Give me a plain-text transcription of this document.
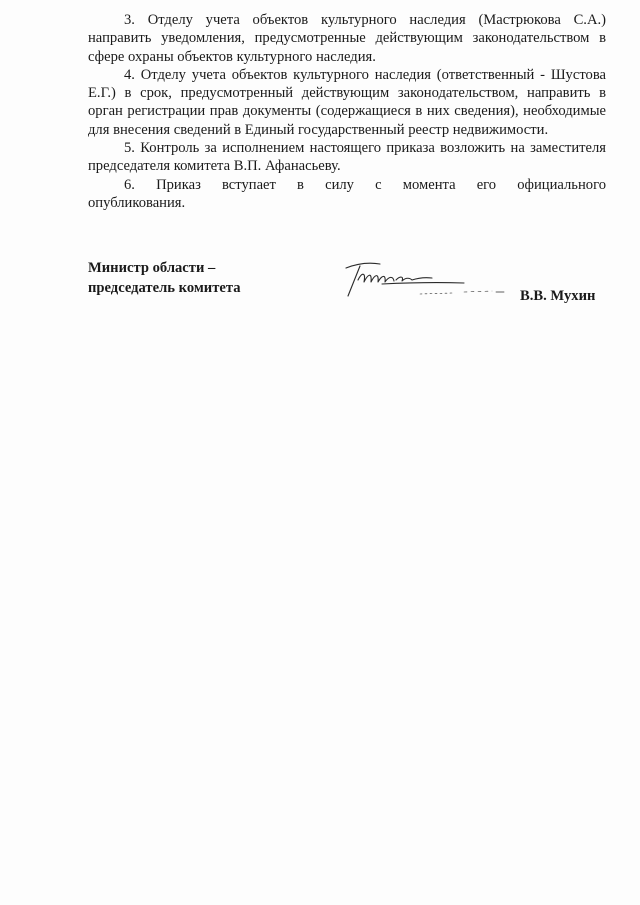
3. Отделу учета объектов культурного наследия (Мастрюкова С.А.) направить уведомления, предусмотренные действующим законодательством в сфере охраны объектов культурного наследия.

4. Отделу учета объектов культурного наследия (ответственный - Шустова Е.Г.) в срок, предусмотренный действующим законодательством, направить в орган регистрации прав документы (содержащиеся в них сведения), необходимые для внесения сведений в Единый государственный реестр недвижимости.

5. Контроль за исполнением настоящего приказа возложить на заместителя председателя комитета В.П. Афанасьеву.

6. Приказ вступает в силу с момента его официального
опубликования.

Министр области –
председатель комитета	В.В. Мухин
